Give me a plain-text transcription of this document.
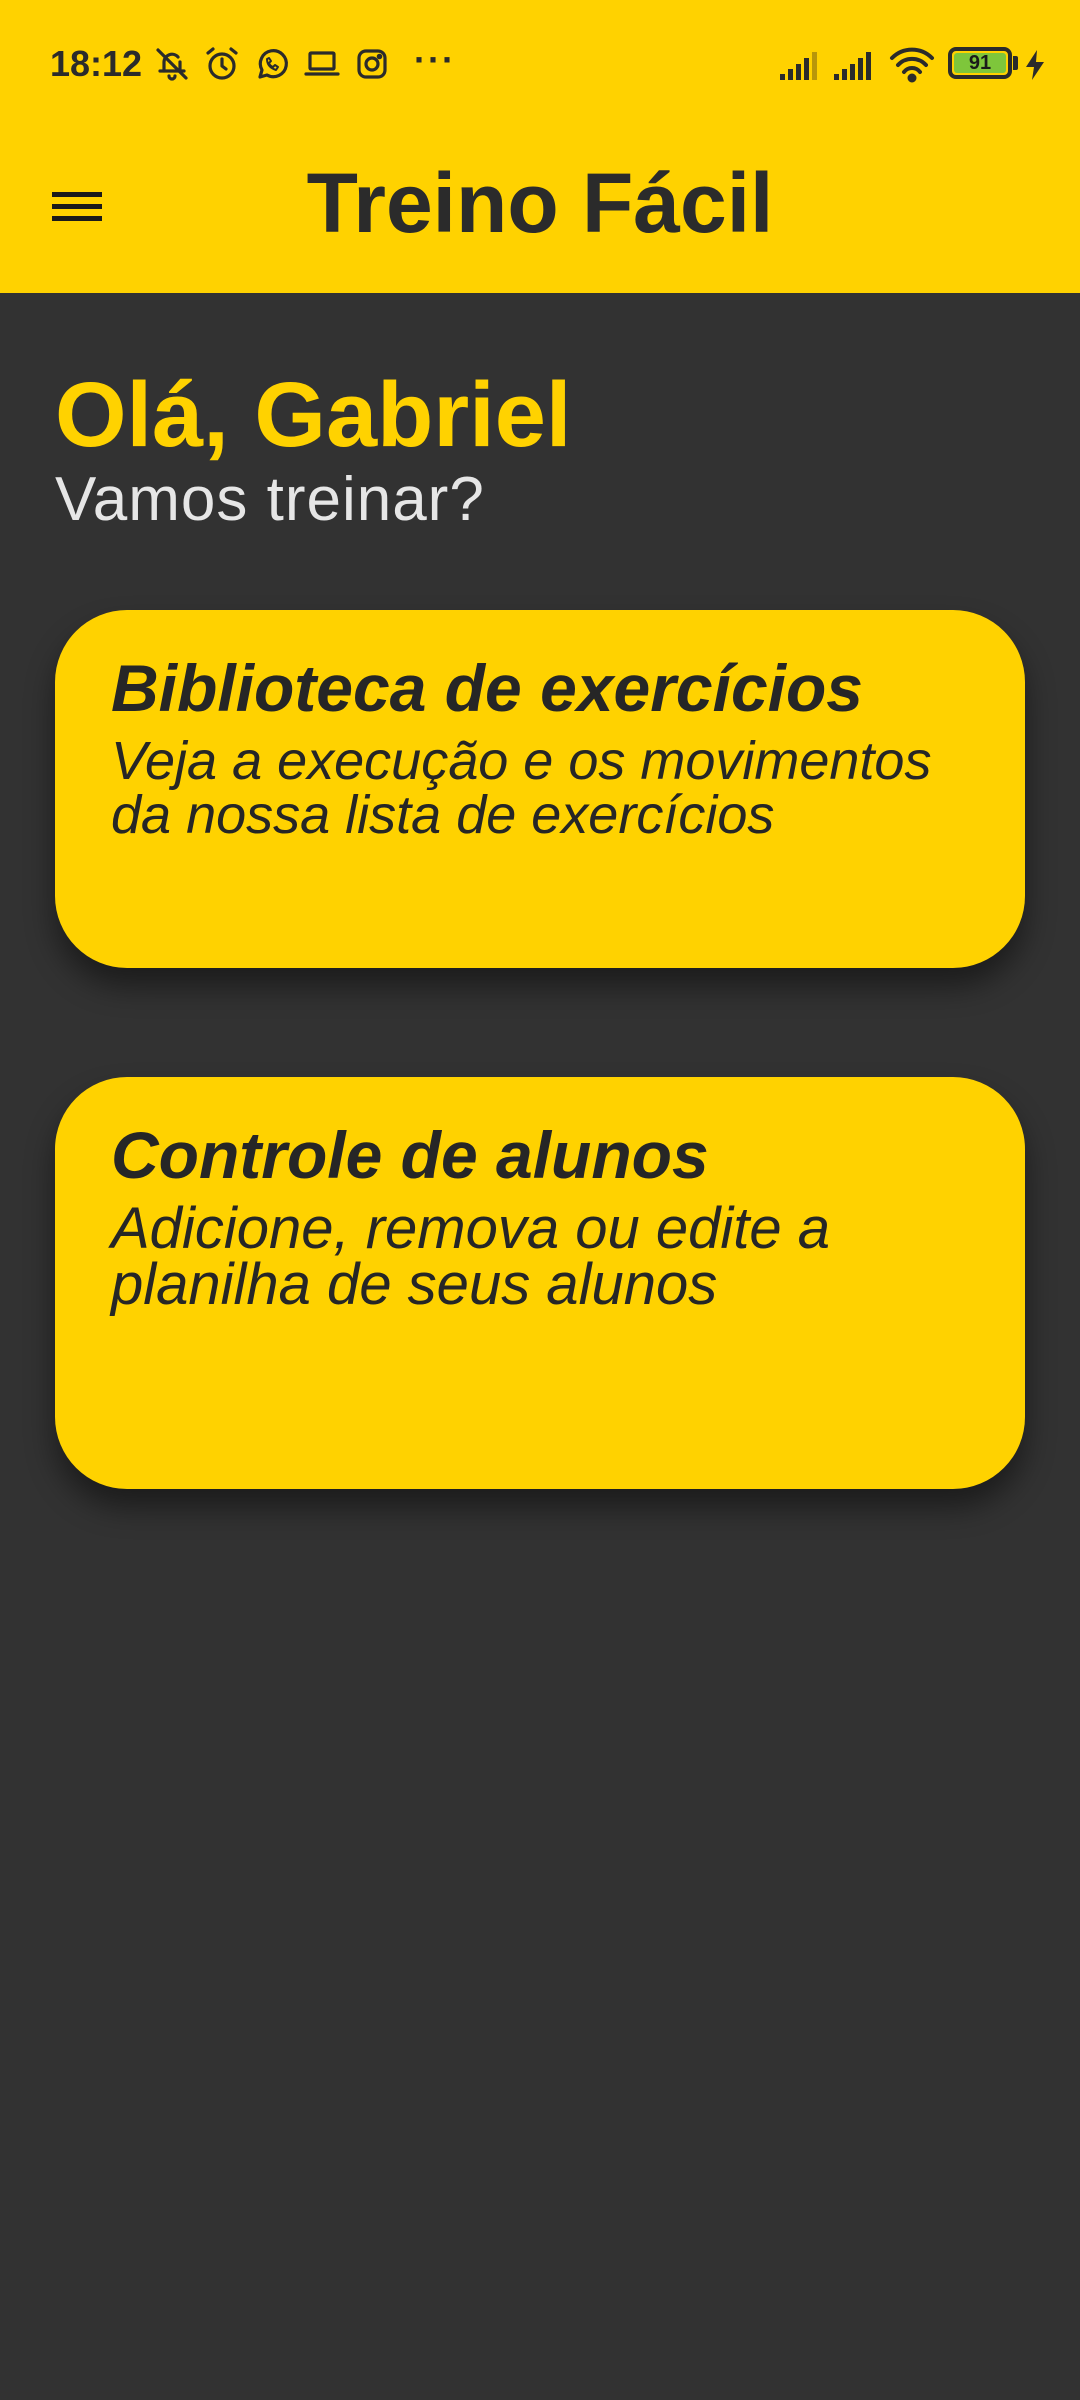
18:12	···	91
Treino Fácil
Olá, Gabriel
Vamos treinar?

Biblioteca de exercícios

Veja a execução e os movimentos da nossa lista de exercícios

Controle de alunos

Adicione, remova ou edite a planilha de seus alunos
